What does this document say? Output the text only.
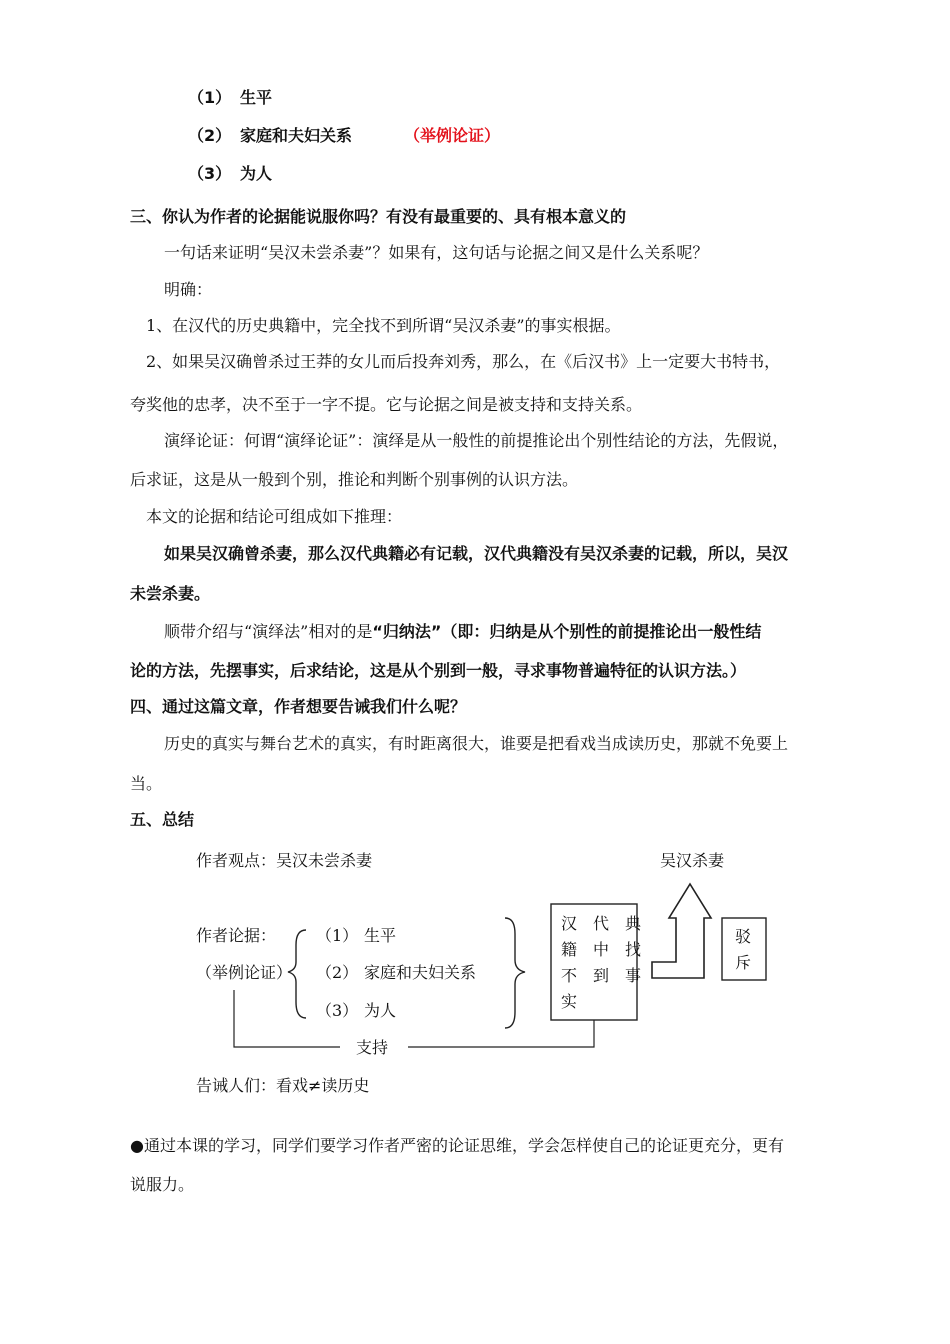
（1） 生平
（2） 家庭和夫妇关系	（举例论证）
（3） 为人
三、你认为作者的论据能说服你吗？有没有最重要的、具有根本意义的
一句话来证明“吴汉未尝杀妻”？如果有，这句话与论据之间又是什么关系呢？
明确：
1、在汉代的历史典籍中，完全找不到所谓“吴汉杀妻”的事实根据。
2、如果吴汉确曾杀过王莽的女儿而后投奔刘秀，那么，在《后汉书》上一定要大书特书，
夸奖他的忠孝，决不至于一字不提。它与论据之间是被支持和支持关系。
演绎论证：何谓“演绎论证”：演绎是从一般性的前提推论出个别性结论的方法，先假说，
后求证，这是从一般到个别，推论和判断个别事例的认识方法。
本文的论据和结论可组成如下推理：
如果吴汉确曾杀妻，那么汉代典籍必有记载，汉代典籍没有吴汉杀妻的记载，所以，吴汉
未尝杀妻。
顺带介绍与“演绎法”相对的是“归纳法”（即：归纳是从个别性的前提推论出一般性结
论的方法，先摆事实，后求结论，这是从个别到一般，寻求事物普遍特征的认识方法。）
四、通过这篇文章，作者想要告诫我们什么呢？
历史的真实与舞台艺术的真实，有时距离很大，谁要是把看戏当成读历史，那就不免要上
当。
五、总结
作者观点：吴汉未尝杀妻	吴汉杀妻
作者论据：
（举例论证）
（1） 生平
（2） 家庭和夫妇关系
（3） 为人
汉 代 典
籍 中 找
不 到 事
实
驳
斥
支持
告诫人们：看戏≠读历史
●通过本课的学习，同学们要学习作者严密的论证思维，学会怎样使自己的论证更充分，更有
说服力。
